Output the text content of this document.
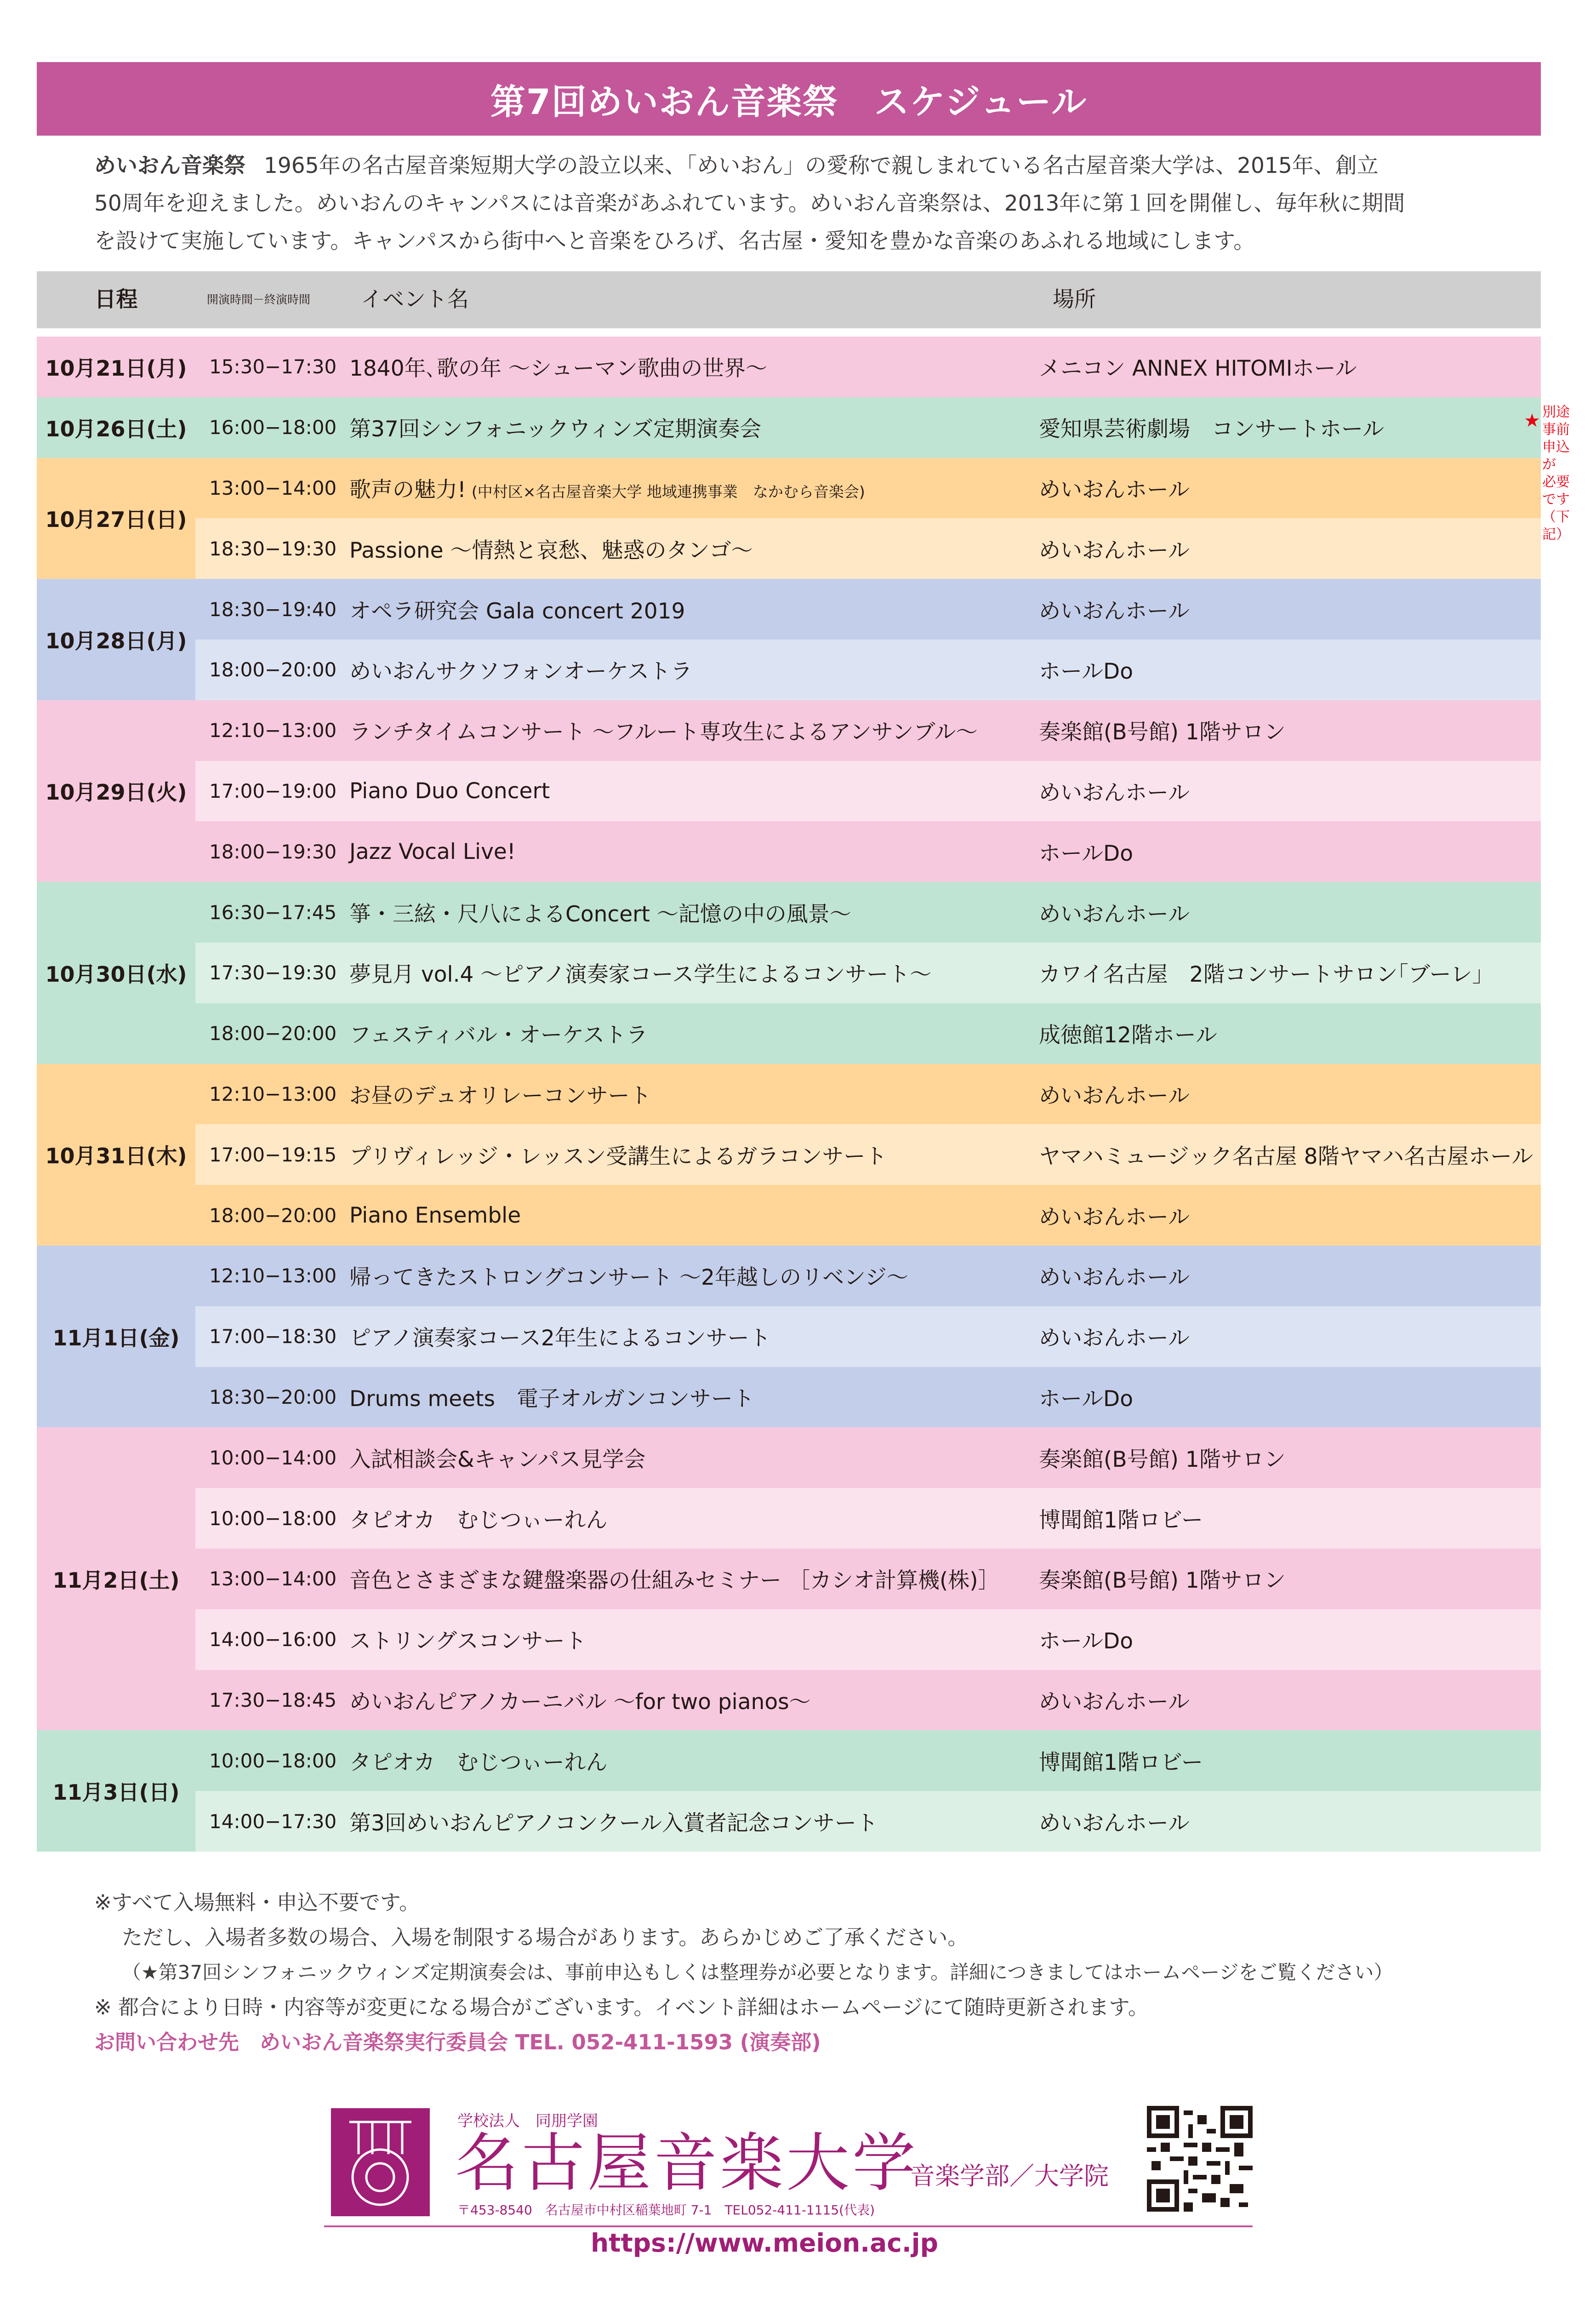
第7回めいおん音楽祭　スケジュール
めいおん音楽祭 1965年の名古屋音楽短期大学の設立以来、「めいおん」の愛称で親しまれている名古屋音楽大学は、2015年、創立
50周年を迎えました。めいおんのキャンパスには音楽があふれています。めいおん音楽祭は、2013年に第１回を開催し、毎年秋に期間
を設けて実施しています。キャンパスから街中へと音楽をひろげ、名古屋・愛知を豊かな音楽のあふれる地域にします。
日程	開演時間－終演時間 イベント名	場所
10月21日(月)	15:30−17:30 1840年､歌の年 〜シューマン歌曲の世界〜	メニコン ANNEX HITOMIホール
10月26日(土)	16:00−18:00 第37回シンフォニックウィンズ定期演奏会	愛知県芸術劇場　コンサートホール	★ 別途事前申込が
必要です（下記）
10月27日(日)
13:00−14:00 歌声の魅力! (中村区×名古屋音楽大学 地域連携事業　なかむら音楽会)	めいおんホール
18:30−19:30 Passione 〜情熱と哀愁、魅惑のタンゴ〜	めいおんホール
10月28日(月)
18:30−19:40 オペラ研究会 Gala concert 2019	めいおんホール
18:00−20:00 めいおんサクソフォンオーケストラ	ホールDo
10月29日(火)
12:10−13:00 ランチタイムコンサート 〜フルート専攻生によるアンサンブル〜	奏楽館(B号館) 1階サロン
17:00−19:00 Piano Duo Concert	めいおんホール
18:00−19:30 Jazz Vocal Live!	ホールDo
10月30日(水)
16:30−17:45 箏・三絃・尺八によるConcert 〜記憶の中の風景〜	めいおんホール
17:30−19:30 夢見月 vol.4 〜ピアノ演奏家コース学生によるコンサート〜	カワイ名古屋　2階コンサートサロン｢ブーレ｣
18:00−20:00 フェスティバル・オーケストラ	成徳館12階ホール
10月31日(木)
12:10−13:00 お昼のデュオリレーコンサート	めいおんホール
17:00−19:15 プリヴィレッジ・レッスン受講生によるガラコンサート	ヤマハミュージック名古屋 8階ヤマハ名古屋ホール
18:00−20:00 Piano Ensemble	めいおんホール
11月1日(金)
12:10−13:00 帰ってきたストロングコンサート 〜2年越しのリベンジ〜	めいおんホール
17:00−18:30 ピアノ演奏家コース2年生によるコンサート	めいおんホール
18:30−20:00 Drums meets　電子オルガンコンサート	ホールDo
11月2日(土)
10:00−14:00 入試相談会&キャンパス見学会	奏楽館(B号館) 1階サロン
10:00−18:00 タピオカ　むじつぃーれん	博聞館1階ロビー
13:00−14:00 音色とさまざまな鍵盤楽器の仕組みセミナー ［カシオ計算機(株)］	奏楽館(B号館) 1階サロン
14:00−16:00 ストリングスコンサート	ホールDo
17:30−18:45 めいおんピアノカーニバル 〜for two pianos〜	めいおんホール
11月3日(日)
10:00−18:00 タピオカ　むじつぃーれん	博聞館1階ロビー
14:00−17:30 第3回めいおんピアノコンクール入賞者記念コンサート	めいおんホール
※すべて入場無料・申込不要です。
ただし、入場者多数の場合、入場を制限する場合があります。あらかじめご了承ください。
（★第37回シンフォニックウィンズ定期演奏会は、事前申込もしくは整理券が必要となります。詳細につきましてはホームページをご覧ください）
※ 都合により日時・内容等が変更になる場合がございます。イベント詳細はホームページにて随時更新されます。
お問い合わせ先　めいおん音楽祭実行委員会 TEL. 052-411-1593 (演奏部)
学校法人　同朋学園
名古屋音楽大学
音楽学部／大学院
〒453-8540　名古屋市中村区稲葉地町 7-1　TEL052-411-1115(代表)
https://www.meion.ac.jp
